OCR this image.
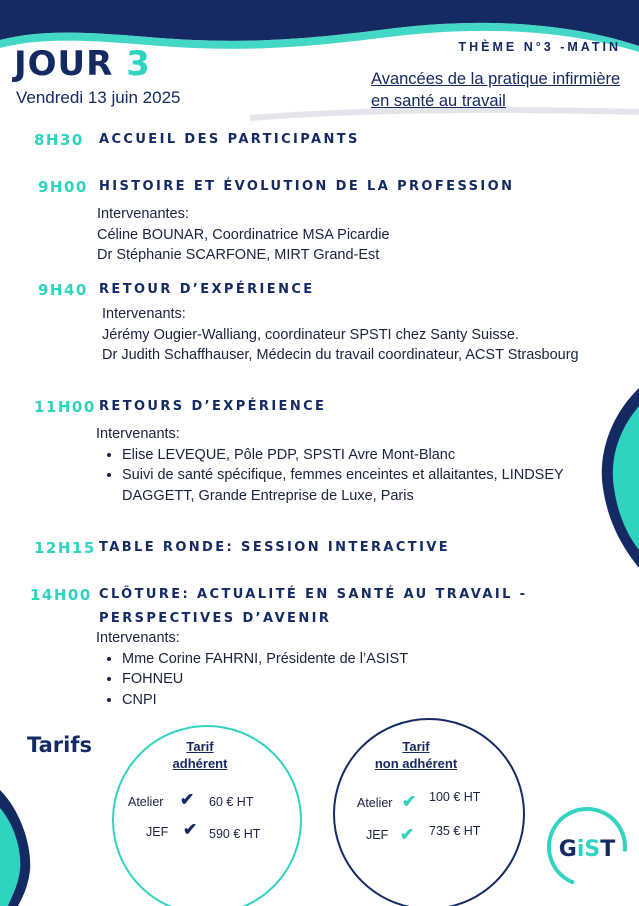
JOUR 3
Vendredi 13 juin 2025
THÈME N°3 -MATIN
Avancées de la pratique infirmière en santé au travail
8H30 ACCUEIL DES PARTICIPANTS
9H00 HISTOIRE ET ÉVOLUTION DE LA PROFESSION
Intervenantes:
Céline BOUNAR, Coordinatrice MSA Picardie
Dr Stéphanie SCARFONE, MIRT Grand-Est
9H40 RETOUR D’EXPÉRIENCE
Intervenants:
Jérémy Ougier-Walliang, coordinateur SPSTI chez Santy Suisse.
Dr Judith Schaffhauser, Médecin du travail coordinateur, ACST Strasbourg
11H00 RETOURS D’EXPÉRIENCE
Intervenants:
• Elise LEVEQUE, Pôle PDP, SPSTI Avre Mont-Blanc
• Suivi de santé spécifique, femmes enceintes et allaitantes, LINDSEY DAGGETT, Grande Entreprise de Luxe, Paris
12H15 TABLE RONDE: SESSION INTERACTIVE
14H00 CLÔTURE: ACTUALITÉ EN SANTÉ AU TRAVAIL -
PERSPECTIVES D’AVENIR
Intervenants:
• Mme Corine FAHRNI, Présidente de l’ASIST
• FOHNEU
• CNPI
Tarifs	Tarif
adhérent
Atelier ✔ 60 € HT
JEF ✔ 590 € HT
Tarif
non adhérent
Atelier ✔ 100 € HT
JEF ✔ 735 € HT
GiST
